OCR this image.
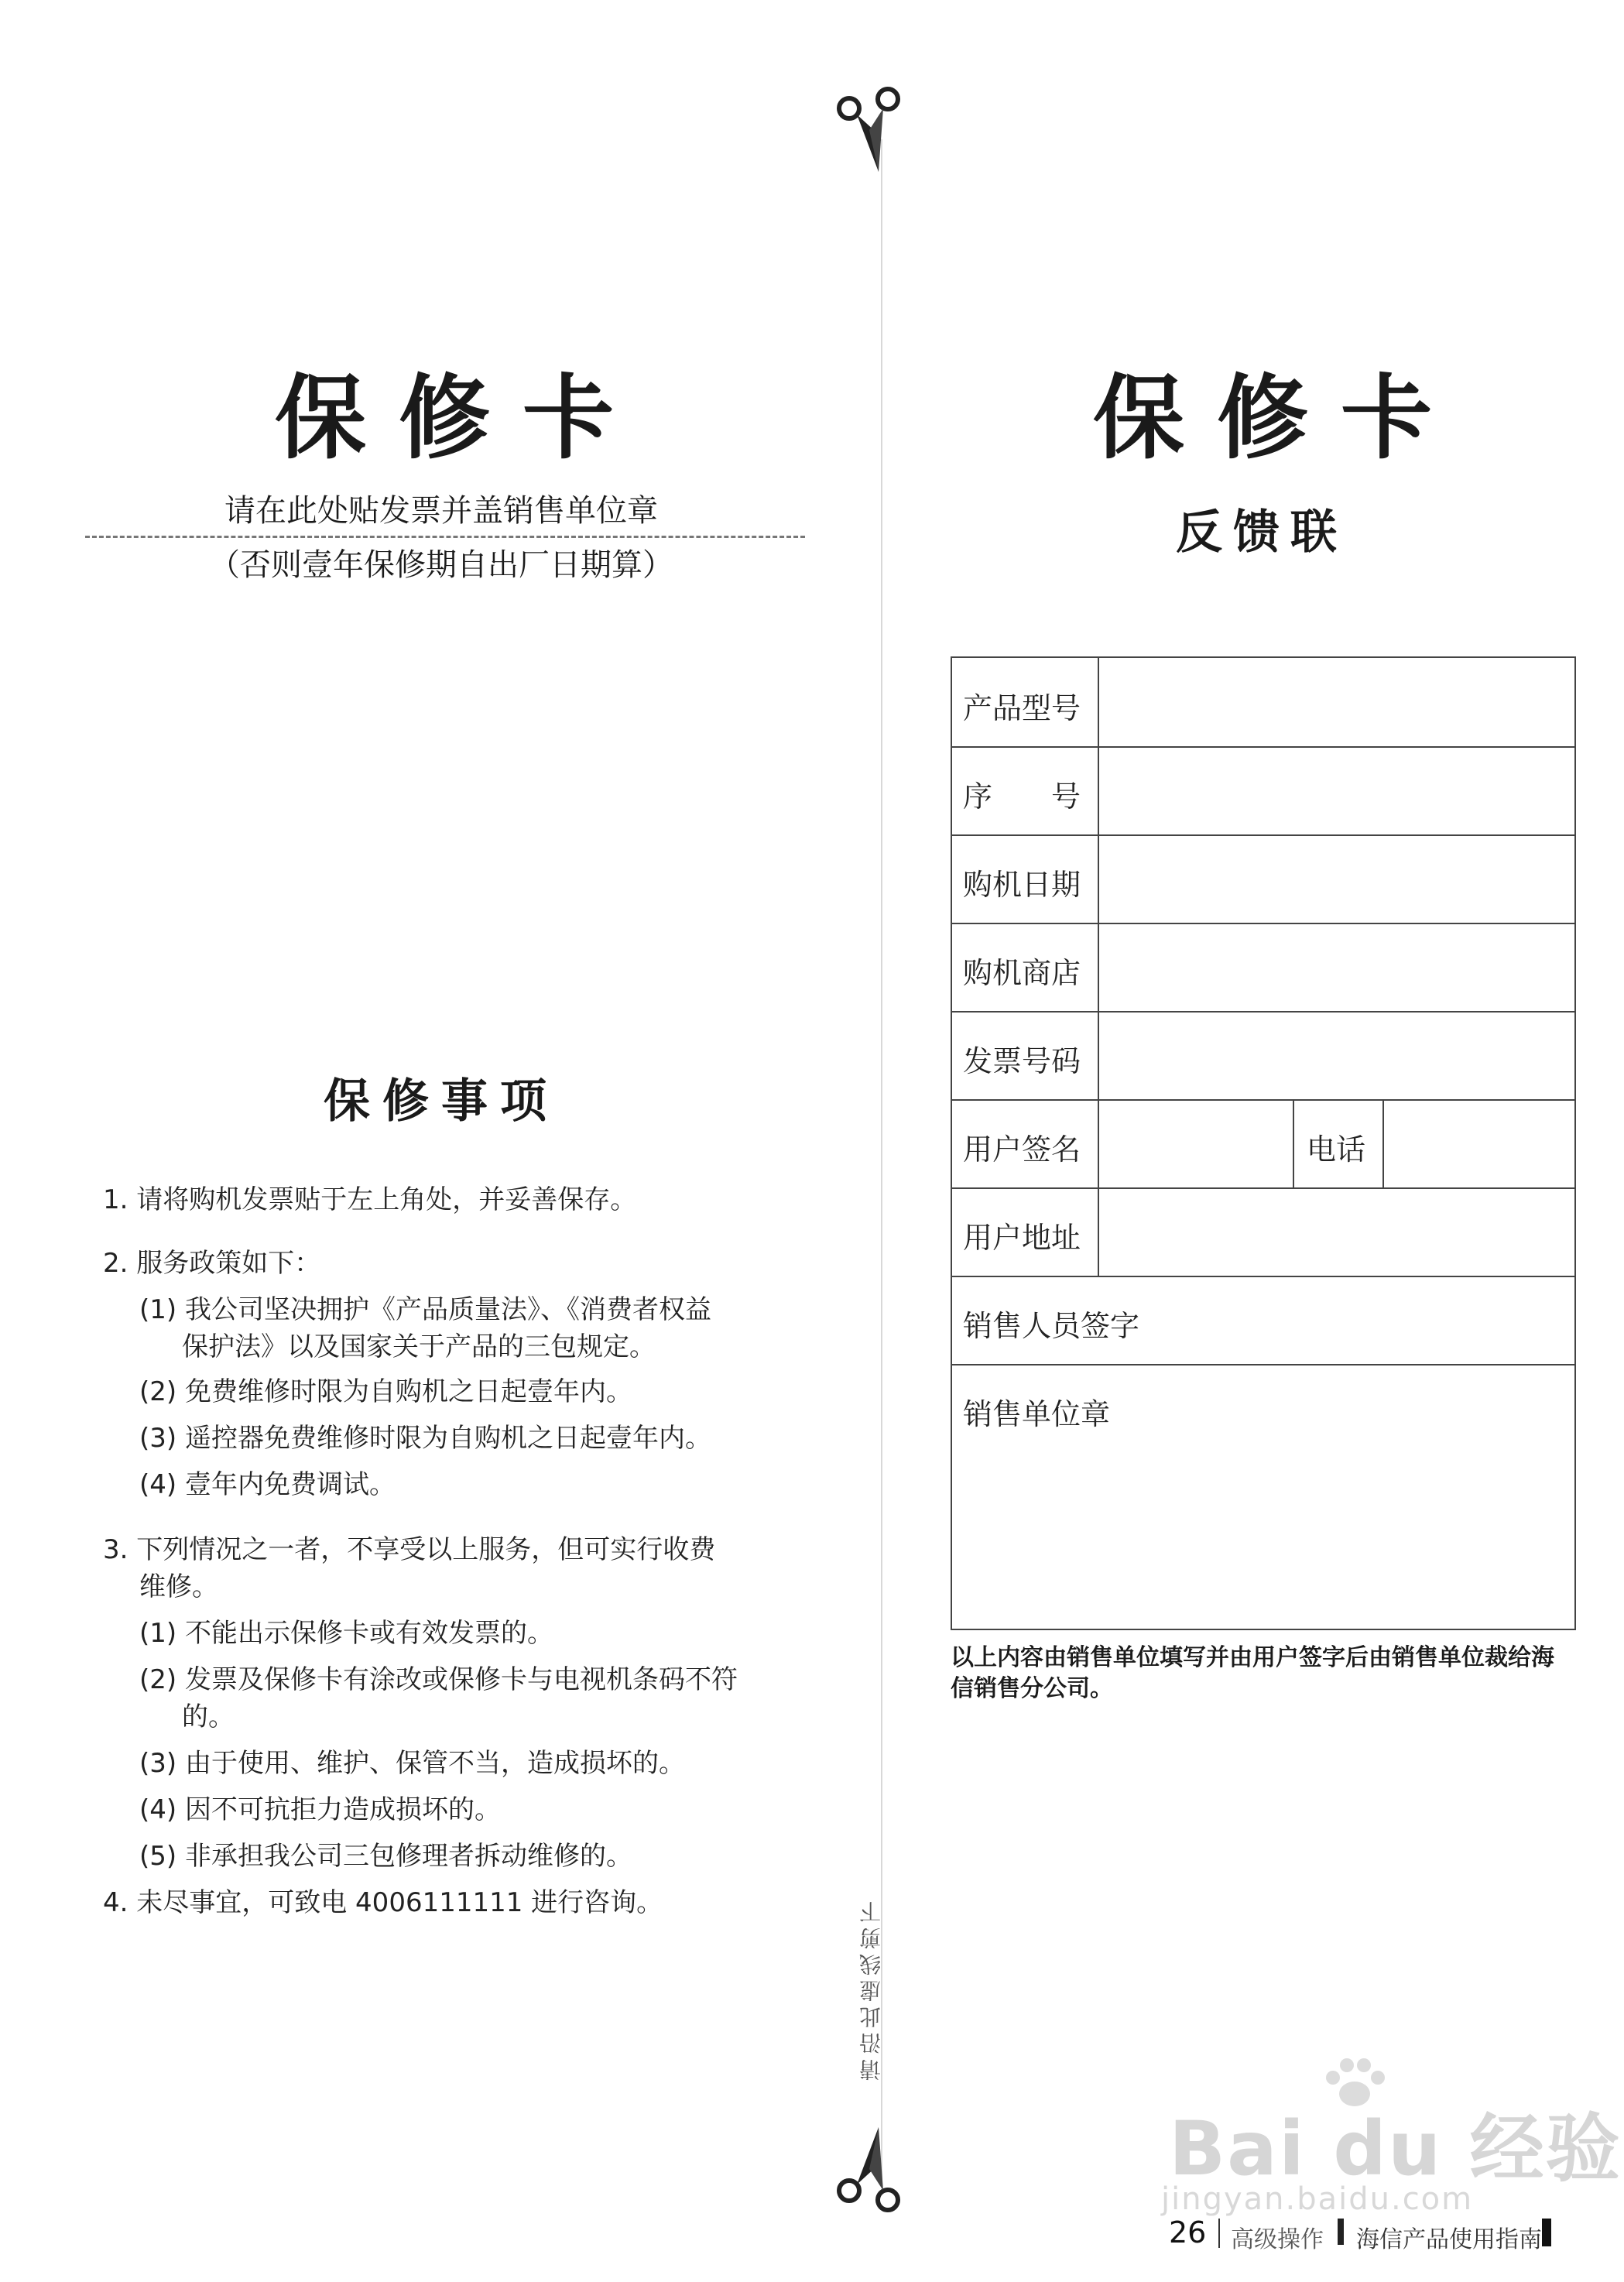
请沿此虚线剪下
保修卡
请在此处贴发票并盖销售单位章
（否则壹年保修期自出厂日期算）
保修卡
反馈联
保修事项
1. 请将购机发票贴于左上角处，并妥善保存。
2. 服务政策如下：
(1) 我公司坚决拥护《产品质量法》、《消费者权益
保护法》以及国家关于产品的三包规定。
(2) 免费维修时限为自购机之日起壹年内。
(3) 遥控器免费维修时限为自购机之日起壹年内。
(4) 壹年内免费调试。
3. 下列情况之一者，不享受以上服务，但可实行收费
维修。
(1) 不能出示保修卡或有效发票的。
(2) 发票及保修卡有涂改或保修卡与电视机条码不符
的。
(3) 由于使用、维护、保管不当，造成损坏的。
(4) 因不可抗拒力造成损坏的。
(5) 非承担我公司三包修理者拆动维修的。
4. 未尽事宜，可致电 4006111111 进行咨询。
产品型号
序　　号
购机日期
购机商店
发票号码
用户签名	电话
用户地址
销售人员签字
销售单位章
以上内容由销售单位填写并由用户签字后由销售单位裁给海信销售分公司。
Bai du 经验
jingyan.baidu.com
26 高级操作 海信产品使用指南
